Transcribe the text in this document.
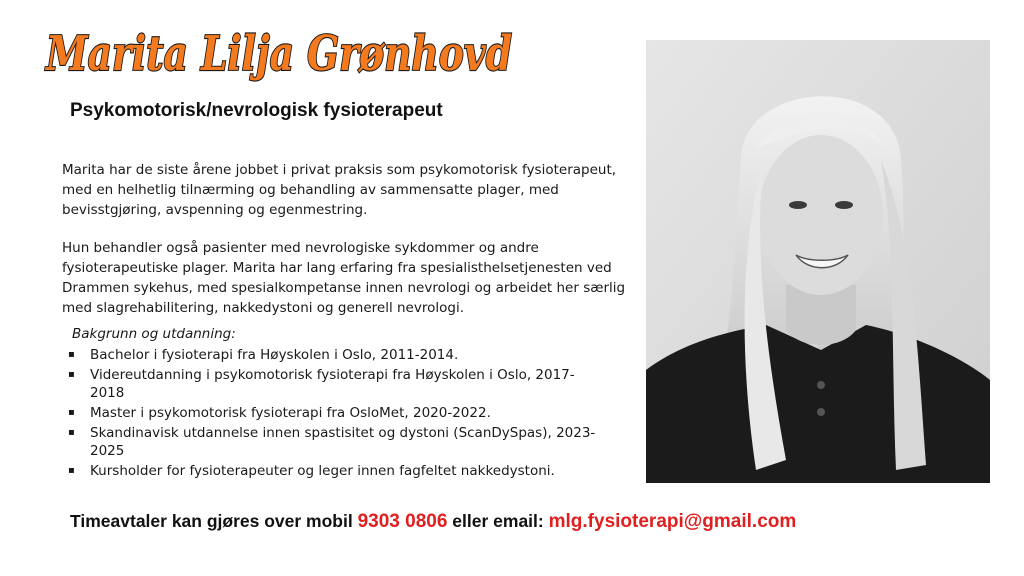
Marita Lilja Grønhovd
Psykomotorisk/nevrologisk fysioterapeut

Marita har de siste årene jobbet i privat praksis som psykomotorisk fysioterapeut, med en helhetlig tilnærming og behandling av sammensatte plager, med bevisstgjøring, avspenning og egenmestring.

Hun behandler også pasienter med nevrologiske sykdommer og andre fysioterapeutiske plager. Marita har lang erfaring fra spesialisthelsetjenesten ved Drammen sykehus, med spesialkompetanse innen nevrologi og arbeidet her særlig med slagrehabilitering, nakkedystoni og generell nevrologi.

Bakgrunn og utdanning:
▪ Bachelor i fysioterapi fra Høyskolen i Oslo, 2011-2014.
▪ Videreutdanning i psykomotorisk fysioterapi fra Høyskolen i Oslo, 2017-2018
▪ Master i psykomotorisk fysioterapi fra OsloMet, 2020-2022.
▪ Skandinavisk utdannelse innen spastisitet og dystoni (ScanDySpas), 2023-2025
▪ Kursholder for fysioterapeuter og leger innen fagfeltet nakkedystoni.
Timeavtaler kan gjøres over mobil 9303 0806 eller email: mlg.fysioterapi@gmail.com
